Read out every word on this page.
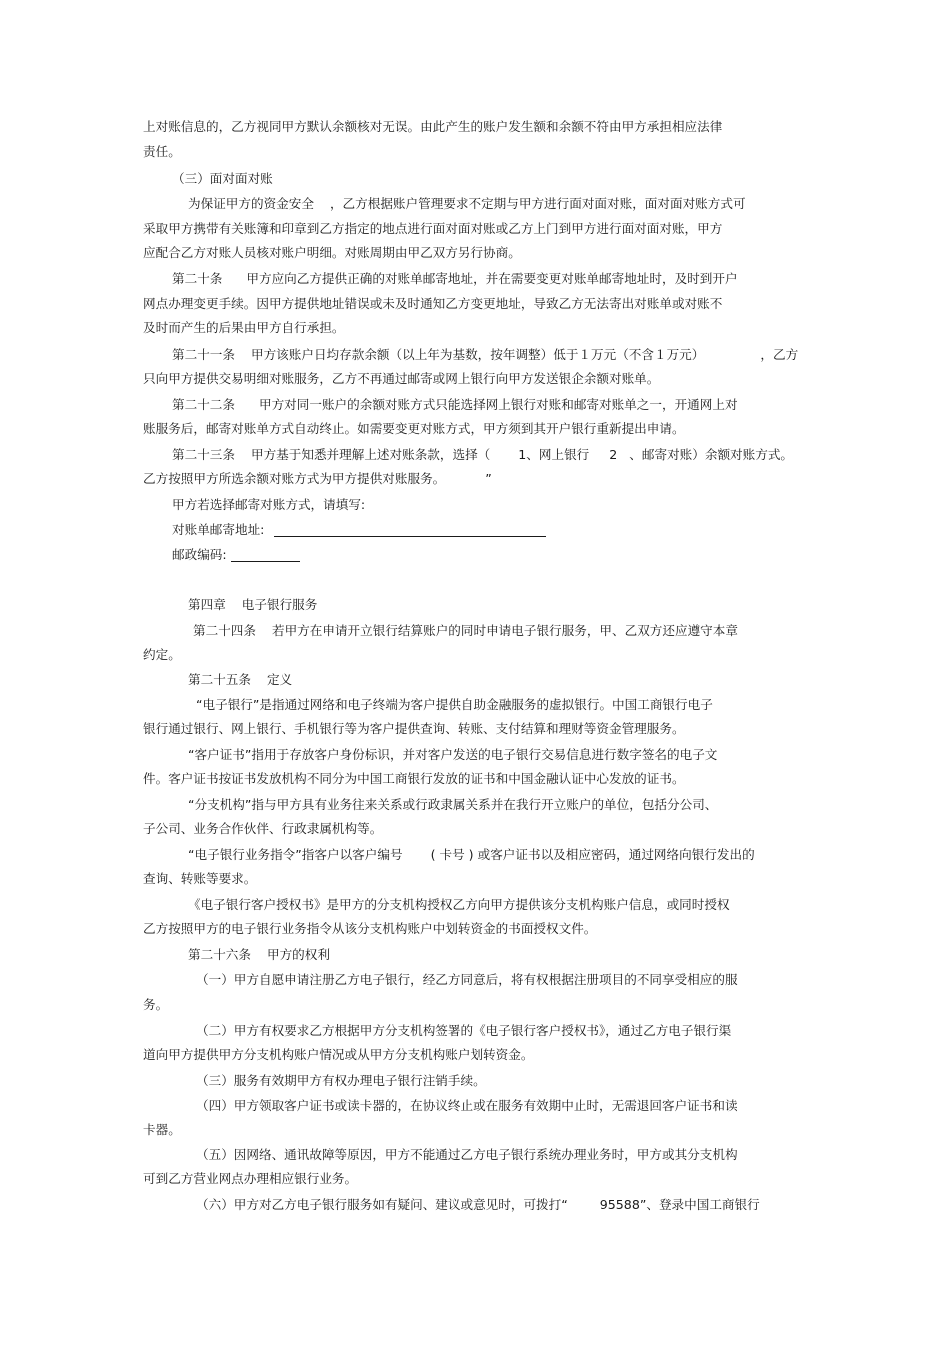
上对账信息的，乙方视同甲方默认余额核对无误。由此产生的账户发生额和余额不符由甲方承担相应法律

责任。

（三）面对面对账

为保证甲方的资金安全    ，乙方根据账户管理要求不定期与甲方进行面对面对账，面对面对账方式可

采取甲方携带有关账簿和印章到乙方指定的地点进行面对面对账或乙方上门到甲方进行面对面对账，甲方

应配合乙方对账人员核对账户明细。对账周期由甲乙双方另行协商。

第二十条      甲方应向乙方提供正确的对账单邮寄地址，并在需要变更对账单邮寄地址时，及时到开户

网点办理变更手续。因甲方提供地址错误或未及时通知乙方变更地址，导致乙方无法寄出对账单或对账不

及时而产生的后果由甲方自行承担。

第二十一条    甲方该账户日均存款余额（以上年为基数，按年调整）低于１万元（不含１万元）              ，乙方

只向甲方提供交易明细对账服务，乙方不再通过邮寄或网上银行向甲方发送银企余额对账单。

第二十二条      甲方对同一账户的余额对账方式只能选择网上银行对账和邮寄对账单之一，开通网上对

账服务后，邮寄对账单方式自动终止。如需要变更对账方式，甲方须到其开户银行重新提出申请。

第二十三条    甲方基于知悉并理解上述对账条款，选择（       1、网上银行     2   、邮寄对账）余额对账方式。

乙方按照甲方所选余额对账方式为甲方提供对账服务。          ”

甲方若选择邮寄对账方式，请填写:

对账单邮寄地址:

邮政编码:

第四章    电子银行服务

第二十四条    若甲方在申请开立银行结算账户的同时申请电子银行服务，甲、乙双方还应遵守本章

约定。

第二十五条    定义

“电子银行”是指通过网络和电子终端为客户提供自助金融服务的虚拟银行。中国工商银行电子

银行通过银行、网上银行、手机银行等为客户提供查询、转账、支付结算和理财等资金管理服务。

“客户证书”指用于存放客户身份标识，并对客户发送的电子银行交易信息进行数字签名的电子文

件。客户证书按证书发放机构不同分为中国工商银行发放的证书和中国金融认证中心发放的证书。

“分支机构”指与甲方具有业务往来关系或行政隶属关系并在我行开立账户的单位，包括分公司、

子公司、业务合作伙伴、行政隶属机构等。

“电子银行业务指令”指客户以客户编号       ( 卡号 ) 或客户证书以及相应密码，通过网络向银行发出的

查询、转账等要求。

《电子银行客户授权书》是甲方的分支机构授权乙方向甲方提供该分支机构账户信息，或同时授权

乙方按照甲方的电子银行业务指令从该分支机构账户中划转资金的书面授权文件。

第二十六条    甲方的权利

（一）甲方自愿申请注册乙方电子银行，经乙方同意后，将有权根据注册项目的不同享受相应的服

务。

（二）甲方有权要求乙方根据甲方分支机构签署的《电子银行客户授权书》，通过乙方电子银行渠

道向甲方提供甲方分支机构账户情况或从甲方分支机构账户划转资金。

（三）服务有效期甲方有权办理电子银行注销手续。

（四）甲方领取客户证书或读卡器的，在协议终止或在服务有效期中止时，无需退回客户证书和读

卡器。

（五）因网络、通讯故障等原因，甲方不能通过乙方电子银行系统办理业务时，甲方或其分支机构

可到乙方营业网点办理相应银行业务。

（六）甲方对乙方电子银行服务如有疑问、建议或意见时，可拨打“        95588”、登录中国工商银行
